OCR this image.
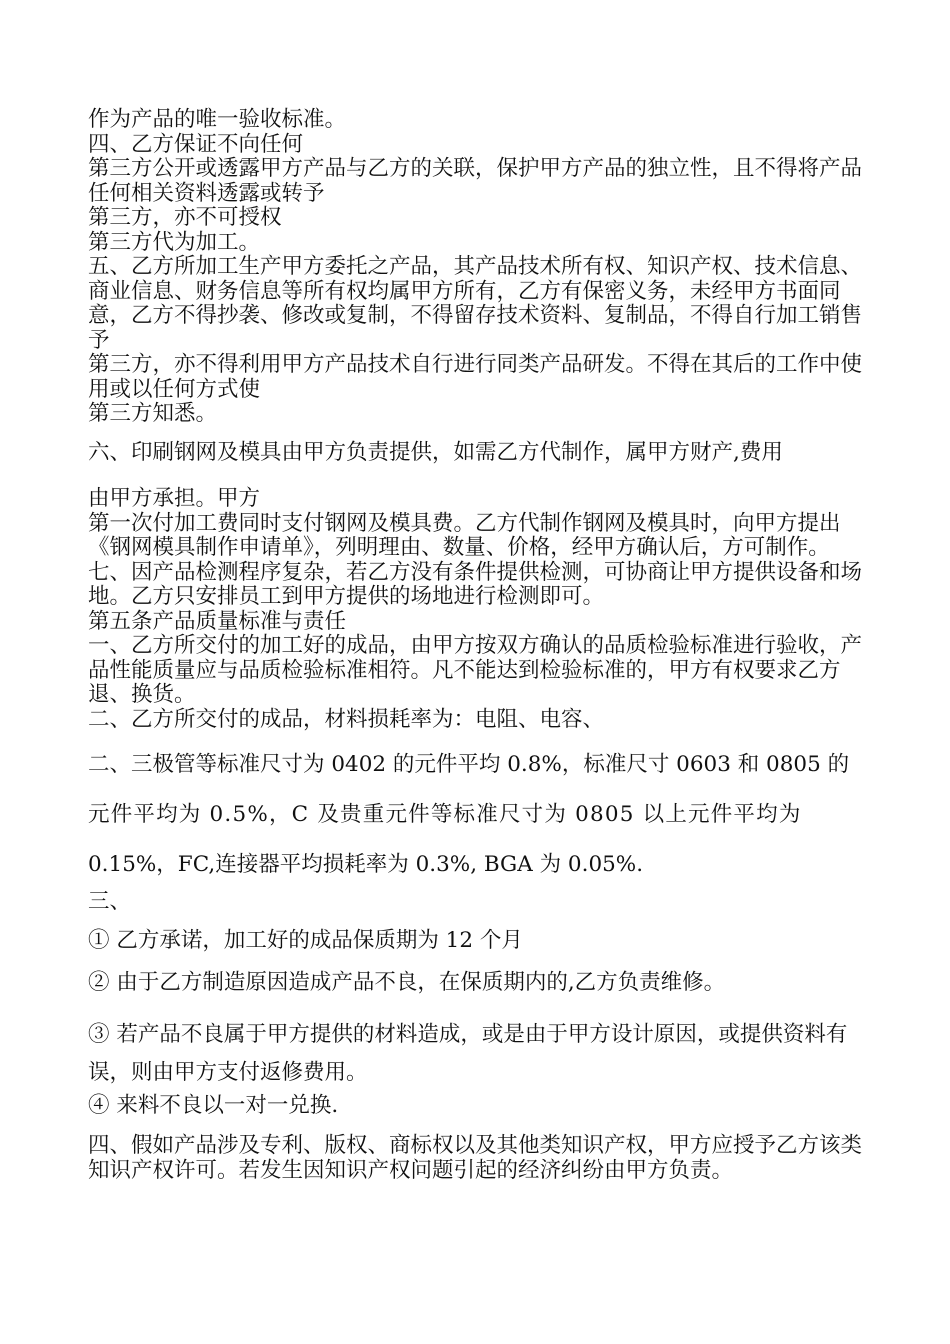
作为产品的唯一验收标准。

四、乙方保证不向任何

第三方公开或透露甲方产品与乙方的关联，保护甲方产品的独立性，且不得将产品任何相关资料透露或转予

第三方，亦不可授权

第三方代为加工。

五、乙方所加工生产甲方委托之产品，其产品技术所有权、知识产权、技术信息、商业信息、财务信息等所有权均属甲方所有，乙方有保密义务，未经甲方书面同意，乙方不得抄袭、修改或复制，不得留存技术资料、复制品，不得自行加工销售予

第三方，亦不得利用甲方产品技术自行进行同类产品研发。不得在其后的工作中使用或以任何方式使

第三方知悉。

六、印刷钢网及模具由甲方负责提供，如需乙方代制作，属甲方财产,费用

由甲方承担。甲方

第一次付加工费同时支付钢网及模具费。乙方代制作钢网及模具时，向甲方提出《钢网模具制作申请单》，列明理由、数量、价格，经甲方确认后，方可制作。

七、因产品检测程序复杂，若乙方没有条件提供检测，可协商让甲方提供设备和场地。乙方只安排员工到甲方提供的场地进行检测即可。

第五条产品质量标准与责任

一、乙方所交付的加工好的成品，由甲方按双方确认的品质检验标准进行验收，产品性能质量应与品质检验标准相符。凡不能达到检验标准的，甲方有权要求乙方退、换货。

二、乙方所交付的成品，材料损耗率为：电阻、电容、

二、三极管等标准尺寸为 0402 的元件平均 0.8%，标准尺寸 0603 和 0805 的

元件平均为 0.5%，C 及贵重元件等标准尺寸为 0805 以上元件平均为

0.15%，FC,连接器平均损耗率为 0.3%, BGA 为 0.05%.

三、

① 乙方承诺，加工好的成品保质期为 12 个月

② 由于乙方制造原因造成产品不良，在保质期内的,乙方负责维修。

③ 若产品不良属于甲方提供的材料造成，或是由于甲方设计原因，或提供资料有误，则由甲方支付返修费用。

④ 来料不良以一对一兑换.

四、假如产品涉及专利、版权、商标权以及其他类知识产权，甲方应授予乙方该类知识产权许可。若发生因知识产权问题引起的经济纠纷由甲方负责。
